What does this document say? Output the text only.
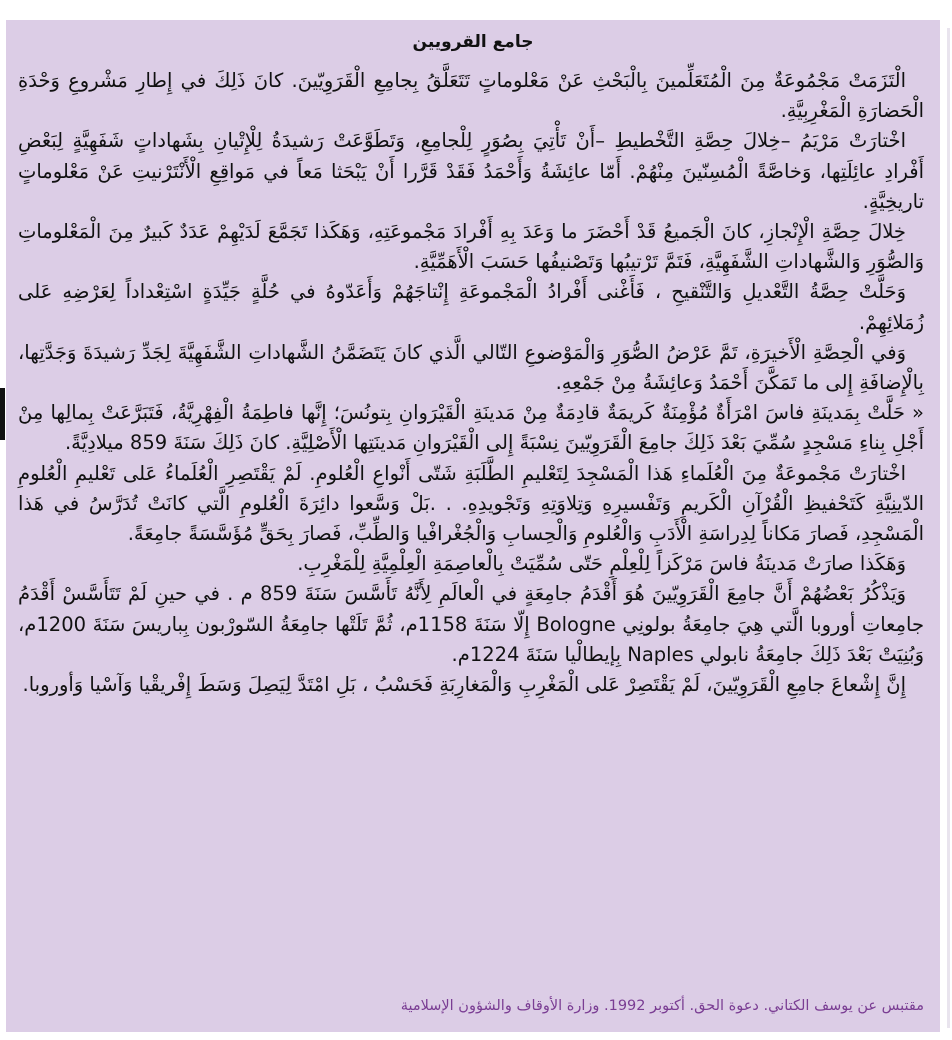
جامع القرويين

الْتَزَمَتْ مَجْمُوعَةٌ مِنَ الْمُتَعَلِّمينَ بِالْبَحْثِ عَنْ مَعْلوماتٍ تَتَعَلَّقُ بِجامِعِ الْقَرَوِيّينَ. كانَ ذَلِكَ في إِطارِ مَشْروعِ وَحْدَةِ الْحَضارَةِ الْمَغْرِبِيَّةِ.

اخْتارَتْ مَرْيَمُ –خِلالَ حِصَّةِ التَّخْطيطِ –أَنْ تَأْتِيَ بِصُوَرٍ لِلْجامِعِ، وَتَطَوَّعَتْ رَشيدَةُ لِلْإِتْيانِ بِشَهاداتٍ شَفَهِيَّةٍ لِبَعْضِ أَفْرادِ عائِلَتِها، وَخاصَّةً الْمُسِنّينَ مِنْهُمْ. أَمّا عائِشَةُ وَأَحْمَدُ فَقَدْ قَرَّرا أَنْ يَبْحَثا مَعاً في مَواقِعِ الْأَنْتَرْنيتِ عَنْ مَعْلوماتٍ تاريخِيَّةٍ.

خِلالَ حِصَّةِ الْإِنْجازِ، كانَ الْجَميعُ قَدْ أَحْضَرَ ما وَعَدَ بِهِ أَفْرادَ مَجْموعَتِهِ، وَهَكَذا تَجَمَّعَ لَدَيْهِمْ عَدَدٌ كَبيرٌ مِنَ الْمَعْلوماتِ وَالصُّوَرِ وَالشَّهاداتِ الشَّفَهِيَّةِ، فَتَمَّ تَرْتيبُها وَتَصْنيفُها حَسَبَ الْأَهَمِّيَّةِ.

وَحَلَّتْ حِصَّةُ التَّعْديلِ وَالتَّنْقيحِ ، فَأَغْنى أَفْرادُ الْمَجْموعَةِ إِنْتاجَهُمْ وَأَعَدّوهُ في حُلَّةٍ جَيِّدَةٍ اسْتِعْداداً لِعَرْضِهِ عَلى زُمَلائِهِمْ.

وَفي الْحِصَّةِ الْأَخيرَةِ، تَمَّ عَرْضُ الصُّوَرِ وَالْمَوْضوعِ التّالي الَّذي كانَ يَتَضَمَّنُ الشَّهاداتِ الشَّفَهِيَّةَ لِجَدِّ رَشيدَةَ وَجَدَّتِها، بِالْإِضافَةِ إِلى ما تَمَكَّنَ أَحْمَدُ وَعائِشَةُ مِنْ جَمْعِهِ.

« حَلَّتْ بِمَدينَةِ فاسَ امْرَأَةٌ مُؤْمِنَةٌ كَريمَةٌ قادِمَةٌ مِنْ مَدينَةِ الْقَيْرَوانِ بِتونُسَ؛ إِنَّها فاطِمَةُ الْفِهْرِيَّةُ، فَتَبَرَّعَتْ بِمالِها مِنْ أَجْلِ بِناءِ مَسْجِدٍ سُمِّيَ بَعْدَ ذَلِكَ جامِعَ الْقَرَوِيّينَ نِسْبَةً إِلى الْقَيْرَوانِ مَدينَتِها الْأَصْلِيَّةِ. كانَ ذَلِكَ سَنَةَ 859 ميلادِيَّةً.

اخْتارَتْ مَجْموعَةٌ مِنَ الْعُلَماءِ هَذا الْمَسْجِدَ لِتَعْليمِ الطَّلَبَةِ شَتّى أَنْواعِ الْعُلومِ. لَمْ يَقْتَصِرِ الْعُلَماءُ عَلى تَعْليمِ الْعُلومِ الدّينِيَّةِ كَتَحْفيظِ الْقُرْآنِ الْكَريمِ وَتَفْسيرِهِ وَتِلاوَتِهِ وَتَجْويدِهِ. . .بَلْ وَسَّعوا دائِرَةَ الْعُلومِ الَّتي كانَتْ تُدَرَّسُ في هَذا الْمَسْجِدِ، فَصارَ مَكاناً لِدِراسَةِ الْأَدَبِ وَالْعُلومِ وَالْحِسابِ وَالْجُغْرافْيا وَالطِّبِّ، فَصارَ بِحَقٍّ مُؤَسَّسَةً جامِعَةً.

وَهَكَذا صارَتْ مَدينَةُ فاسَ مَرْكَزاً لِلْعِلْمِ حَتّى سُمِّيَتْ بِالْعاصِمَةِ الْعِلْمِيَّةِ لِلْمَغْرِبِ.

وَيَذْكُرُ بَعْضُهُمْ أَنَّ جامِعَ الْقَرَوِيّينَ هُوَ أَقْدَمُ جامِعَةٍ في الْعالَمِ لِأَنَّهُ تَأَسَّسَ سَنَةَ 859 م . في حينِ لَمْ تَتَأَسَّسْ أَقْدَمُ جامِعاتِ أوروبا الَّتي هِيَ جامِعَةُ بولونِي Bologne إِلّا سَنَةَ 1158م، ثُمَّ تَلَتْها جامِعَةُ السّورْبون بِباريسَ سَنَةَ 1200م، وَبُنِيَتْ بَعْدَ ذَلِكَ جامِعَةُ نابولي Naples بِإيطالْيا سَنَةَ 1224م.

إِنَّ إِشْعاعَ جامِعِ الْقَرَوِيّينَ، لَمْ يَقْتَصِرْ عَلى الْمَغْرِبِ وَالْمَغارِبَةِ فَحَسْبُ ، بَلِ امْتَدَّ لِيَصِلَ وَسَطَ إِفْريقْيا وَآسْيا وَأوروبا.

مقتبس عن يوسف الكتاني. دعوة الحق. أكتوبر 1992. وزارة الأوقاف والشؤون الإسلامية
